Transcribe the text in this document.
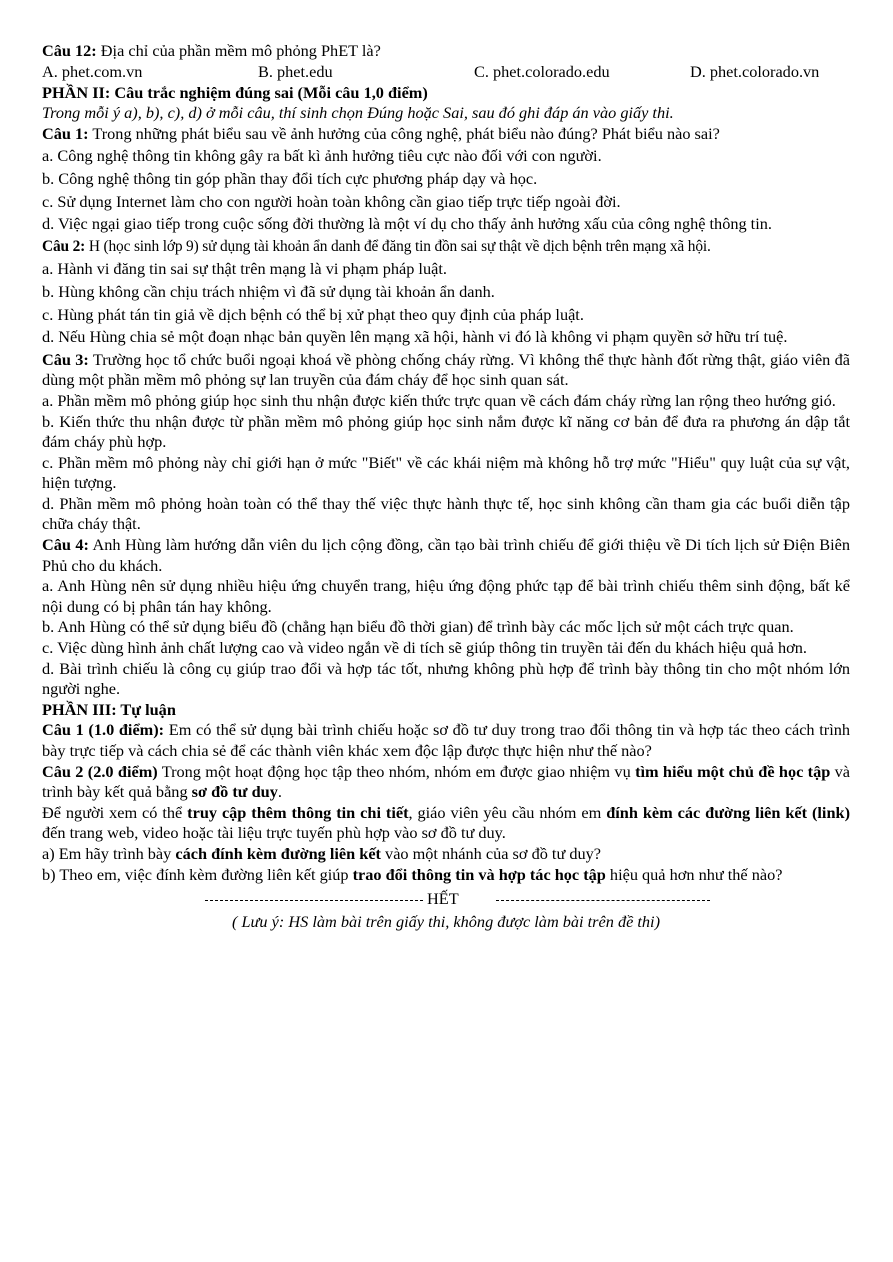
Câu 12: Địa chỉ của phần mềm mô phỏng PhET là?

A. phet.com.vn	B. phet.edu	C. phet.colorado.edu	D. phet.colorado.vn

PHẦN II: Câu trắc nghiệm đúng sai (Mỗi câu 1,0 điểm)

Trong mỗi ý a), b), c), d) ở mỗi câu, thí sinh chọn Đúng hoặc Sai, sau đó ghi đáp án vào giấy thi.

Câu 1: Trong những phát biểu sau về ảnh hưởng của công nghệ, phát biểu nào đúng? Phát biểu nào sai?

a. Công nghệ thông tin không gây ra bất kì ảnh hưởng tiêu cực nào đối với con người.

b. Công nghệ thông tin góp phần thay đổi tích cực phương pháp dạy và học.

c. Sử dụng Internet làm cho con người hoàn toàn không cần giao tiếp trực tiếp ngoài đời.

d. Việc ngại giao tiếp trong cuộc sống đời thường là một ví dụ cho thấy ảnh hưởng xấu của công nghệ thông tin.

Câu 2: H (học sinh lớp 9) sử dụng tài khoản ẩn danh để đăng tin đồn sai sự thật về dịch bệnh trên mạng xã hội.

a. Hành vi đăng tin sai sự thật trên mạng là vi phạm pháp luật.

b. Hùng không cần chịu trách nhiệm vì đã sử dụng tài khoản ẩn danh.

c. Hùng phát tán tin giả về dịch bệnh có thể bị xử phạt theo quy định của pháp luật.

d. Nếu Hùng chia sẻ một đoạn nhạc bản quyền lên mạng xã hội, hành vi đó là không vi phạm quyền sở hữu trí tuệ.

Câu 3: Trường học tổ chức buổi ngoại khoá về phòng chống cháy rừng. Vì không thể thực hành đốt rừng thật, giáo viên đã dùng một phần mềm mô phỏng sự lan truyền của đám cháy để học sinh quan sát.

a. Phần mềm mô phỏng giúp học sinh thu nhận được kiến thức trực quan về cách đám cháy rừng lan rộng theo hướng gió.

b. Kiến thức thu nhận được từ phần mềm mô phỏng giúp học sinh nắm được kĩ năng cơ bản để đưa ra phương án dập tắt đám cháy phù hợp.

c. Phần mềm mô phỏng này chỉ giới hạn ở mức "Biết" về các khái niệm mà không hỗ trợ mức "Hiểu" quy luật của sự vật, hiện tượng.

d. Phần mềm mô phỏng hoàn toàn có thể thay thế việc thực hành thực tế, học sinh không cần tham gia các buổi diễn tập chữa cháy thật.

Câu 4: Anh Hùng làm hướng dẫn viên du lịch cộng đồng, cần tạo bài trình chiếu để giới thiệu về Di tích lịch sử Điện Biên Phủ cho du khách.

a. Anh Hùng nên sử dụng nhiều hiệu ứng chuyển trang, hiệu ứng động phức tạp để bài trình chiếu thêm sinh động, bất kể nội dung có bị phân tán hay không.

b. Anh Hùng có thể sử dụng biểu đồ (chẳng hạn biểu đồ thời gian) để trình bày các mốc lịch sử một cách trực quan.

c. Việc dùng hình ảnh chất lượng cao và video ngắn về di tích sẽ giúp thông tin truyền tải đến du khách hiệu quả hơn.

d. Bài trình chiếu là công cụ giúp trao đổi và hợp tác tốt, nhưng không phù hợp để trình bày thông tin cho một nhóm lớn người nghe.

PHẦN III: Tự luận

Câu 1 (1.0 điểm): Em có thể sử dụng bài trình chiếu hoặc sơ đồ tư duy trong trao đổi thông tin và hợp tác theo cách trình bày trực tiếp và cách chia sẻ để các thành viên khác xem độc lập được thực hiện như thế nào?

Câu 2 (2.0 điểm) Trong một hoạt động học tập theo nhóm, nhóm em được giao nhiệm vụ tìm hiểu một chủ đề học tập và trình bày kết quả bằng sơ đồ tư duy.

Để người xem có thể truy cập thêm thông tin chi tiết, giáo viên yêu cầu nhóm em đính kèm các đường liên kết (link) đến trang web, video hoặc tài liệu trực tuyến phù hợp vào sơ đồ tư duy.

a) Em hãy trình bày cách đính kèm đường liên kết vào một nhánh của sơ đồ tư duy?

b) Theo em, việc đính kèm đường liên kết giúp trao đổi thông tin và hợp tác học tập hiệu quả hơn như thế nào?

HẾT

( Lưu ý: HS làm bài trên giấy thi, không được làm bài trên đề thi)
